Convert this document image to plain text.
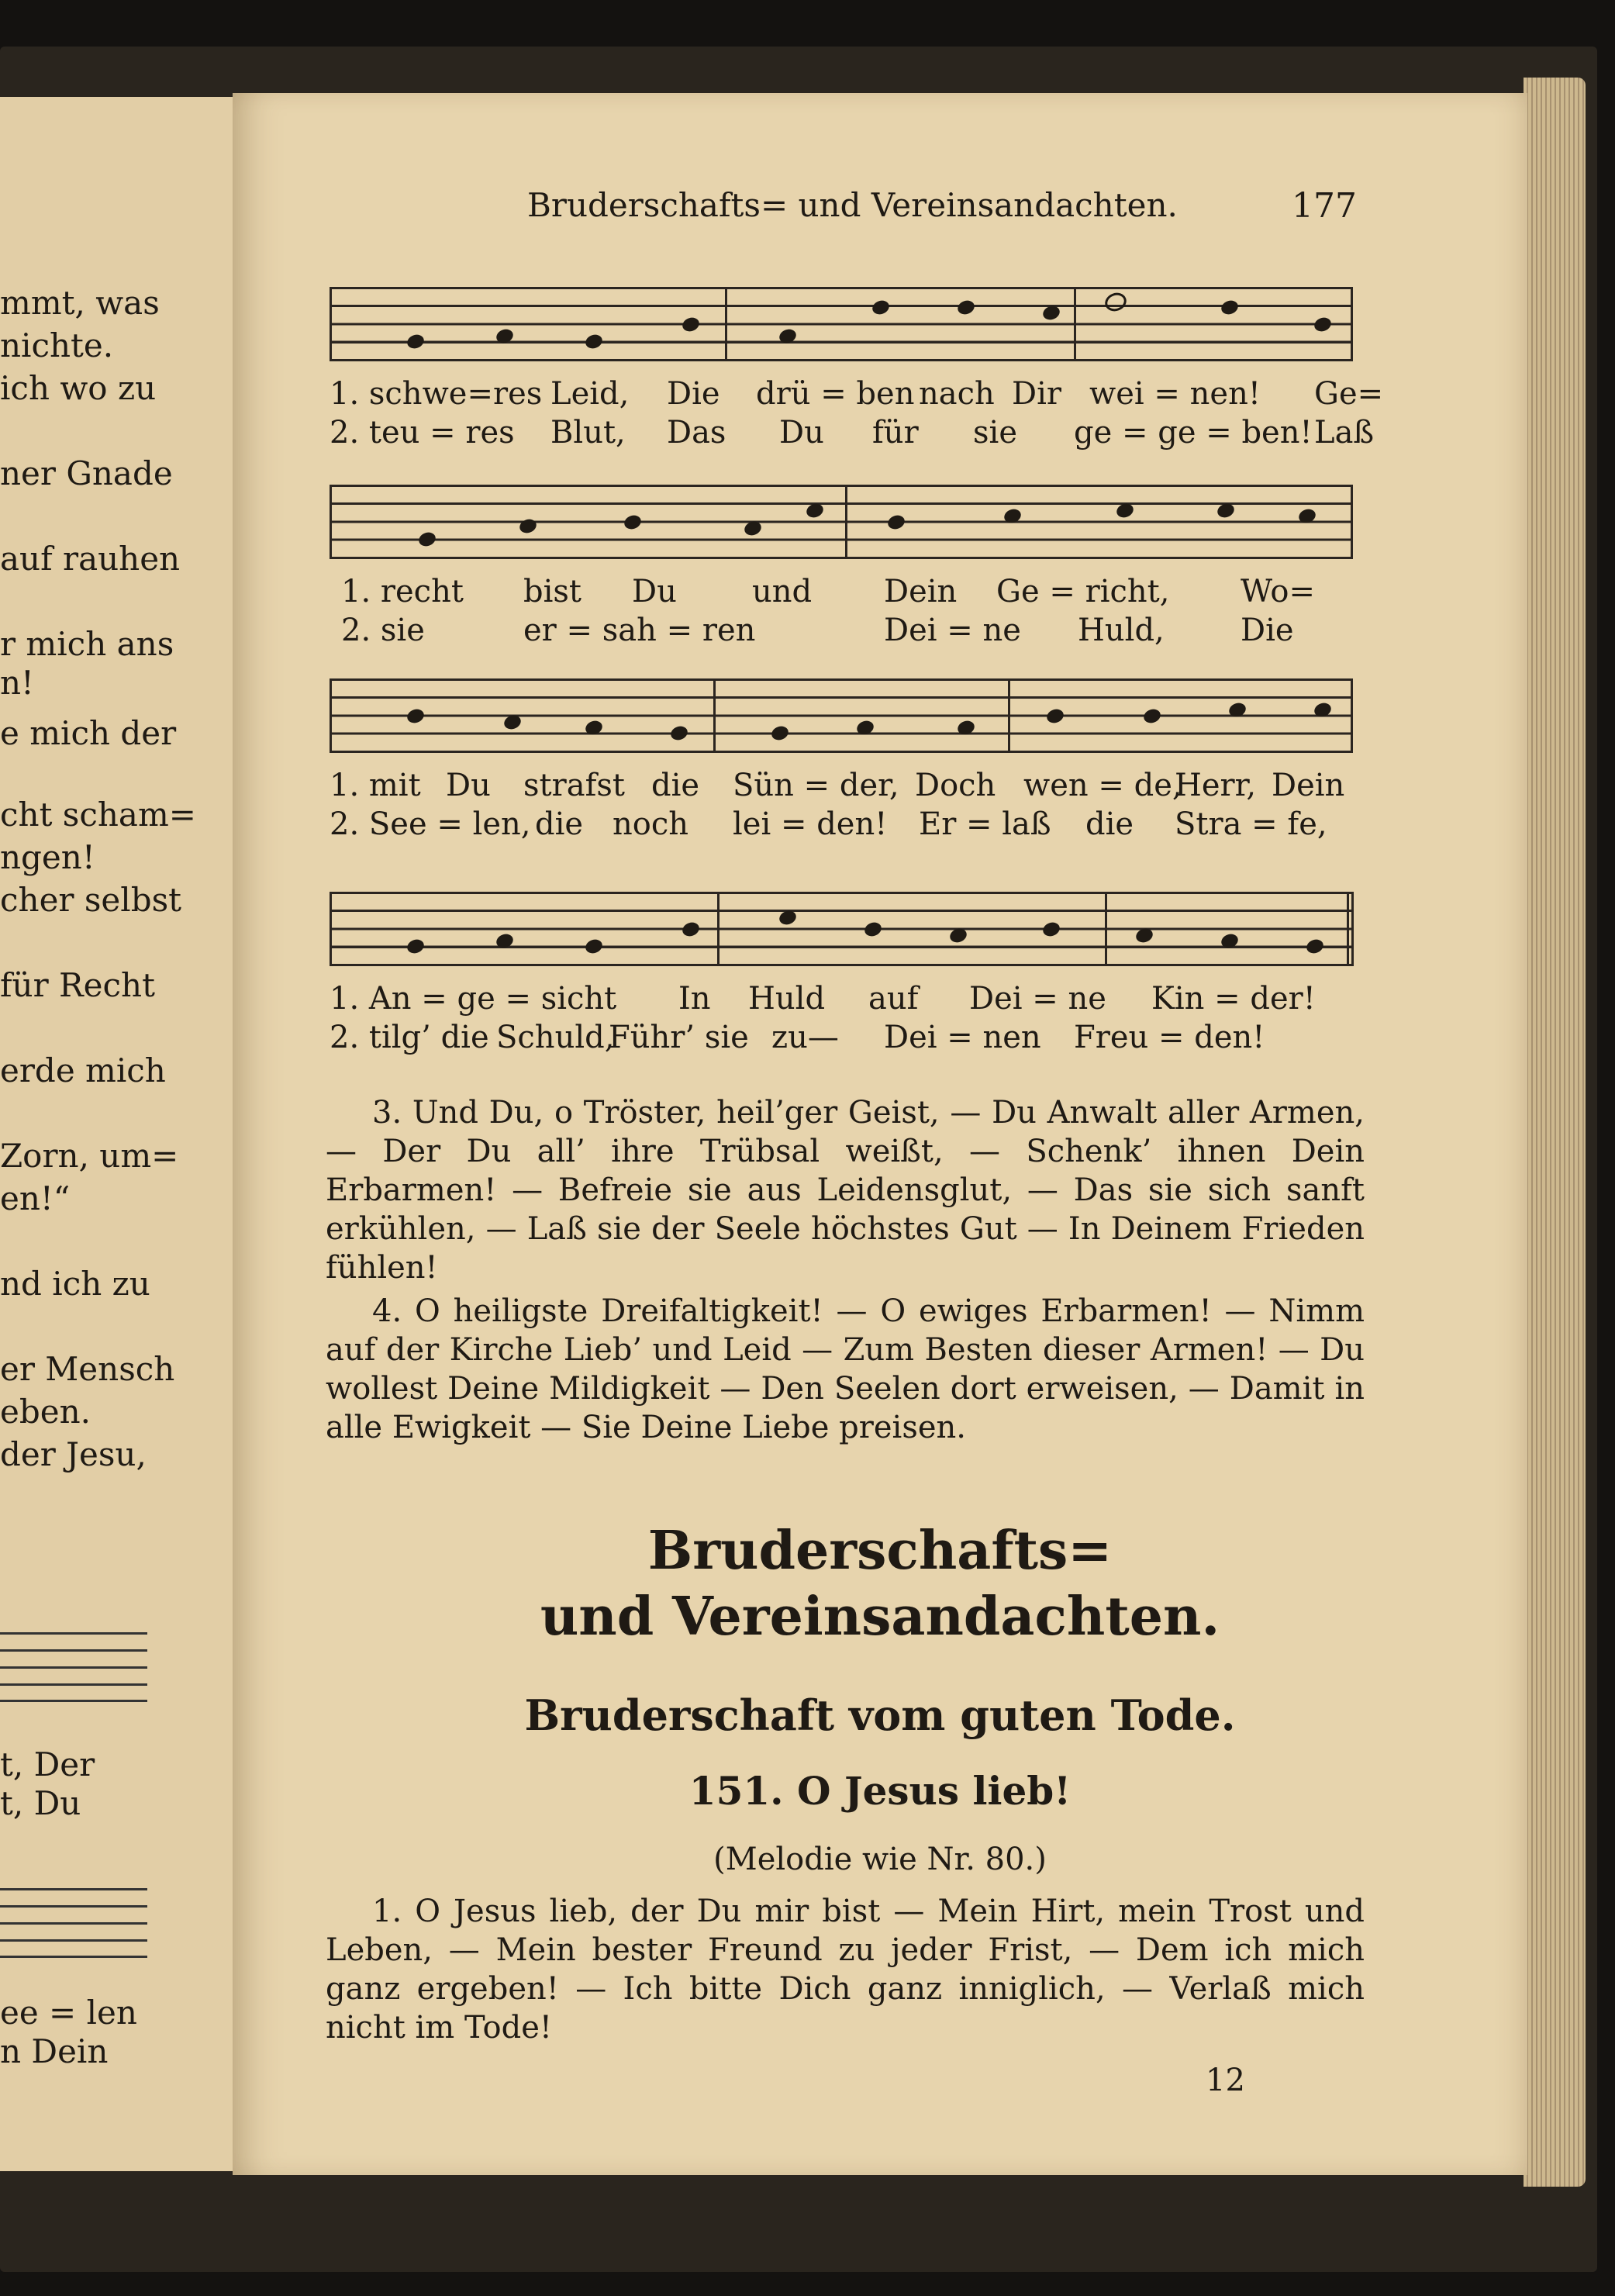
mmt, was
nichte.
ich wo zu
ner Gnade
auf rauhen
r mich ans
n!
e mich der
cht scham=
ngen!
cher selbst
für Recht
erde mich
Zorn, um=
en!“
nd ich zu
er Mensch
eben.
der Jesu,
t, Der
t, Du
ee = len
n Dein
Bruderschafts= und Vereinsandachten.	177
1. schwe=res Leid, Die drü = ben nach Dir wei = nen! Ge=
2. teu = res Blut, Das Du für sie ge = ge = ben! Laß
1. recht bist Du und Dein Ge = richt, Wo=
2. sie	er = sah = ren	Dei = ne Huld, Die
1. mit Du strafst die Sün = der, Doch wen = de,
Herr, Dein
2. See = len, die noch lei = den! Er = laß die Stra = fe,
1. An = ge = sicht In Huld auf Dei = ne Kin = der!
2. tilg’ die Schuld,
Führ’ sie zu— Dei = nen Freu = den!

3. Und Du, o Tröster, heil’ger Geist, — Du Anwalt aller Armen, — Der Du all’ ihre Trübsal weißt, — Schenk’ ihnen Dein Erbarmen! — Befreie sie aus Leidensglut, — Das sie sich sanft erkühlen, — Laß sie der Seele höchstes Gut — In Deinem Frieden fühlen!

4. O heiligste Dreifaltigkeit! — O ewiges Erbarmen! — Nimm auf der Kirche Lieb’ und Leid — Zum Besten dieser Armen! — Du wollest Deine Mildigkeit — Den Seelen dort erweisen, — Damit in alle Ewigkeit — Sie Deine Liebe preisen.

Bruderschafts=
und Vereinsandachten.
Bruderschaft vom guten Tode.
151. O Jesus lieb!
(Melodie wie Nr. 80.)

1. O Jesus lieb, der Du mir bist — Mein Hirt, mein Trost und Leben, — Mein bester Freund zu jeder Frist, — Dem ich mich ganz ergeben! — Ich bitte Dich ganz inniglich, — Verlaß mich nicht im Tode!

12
